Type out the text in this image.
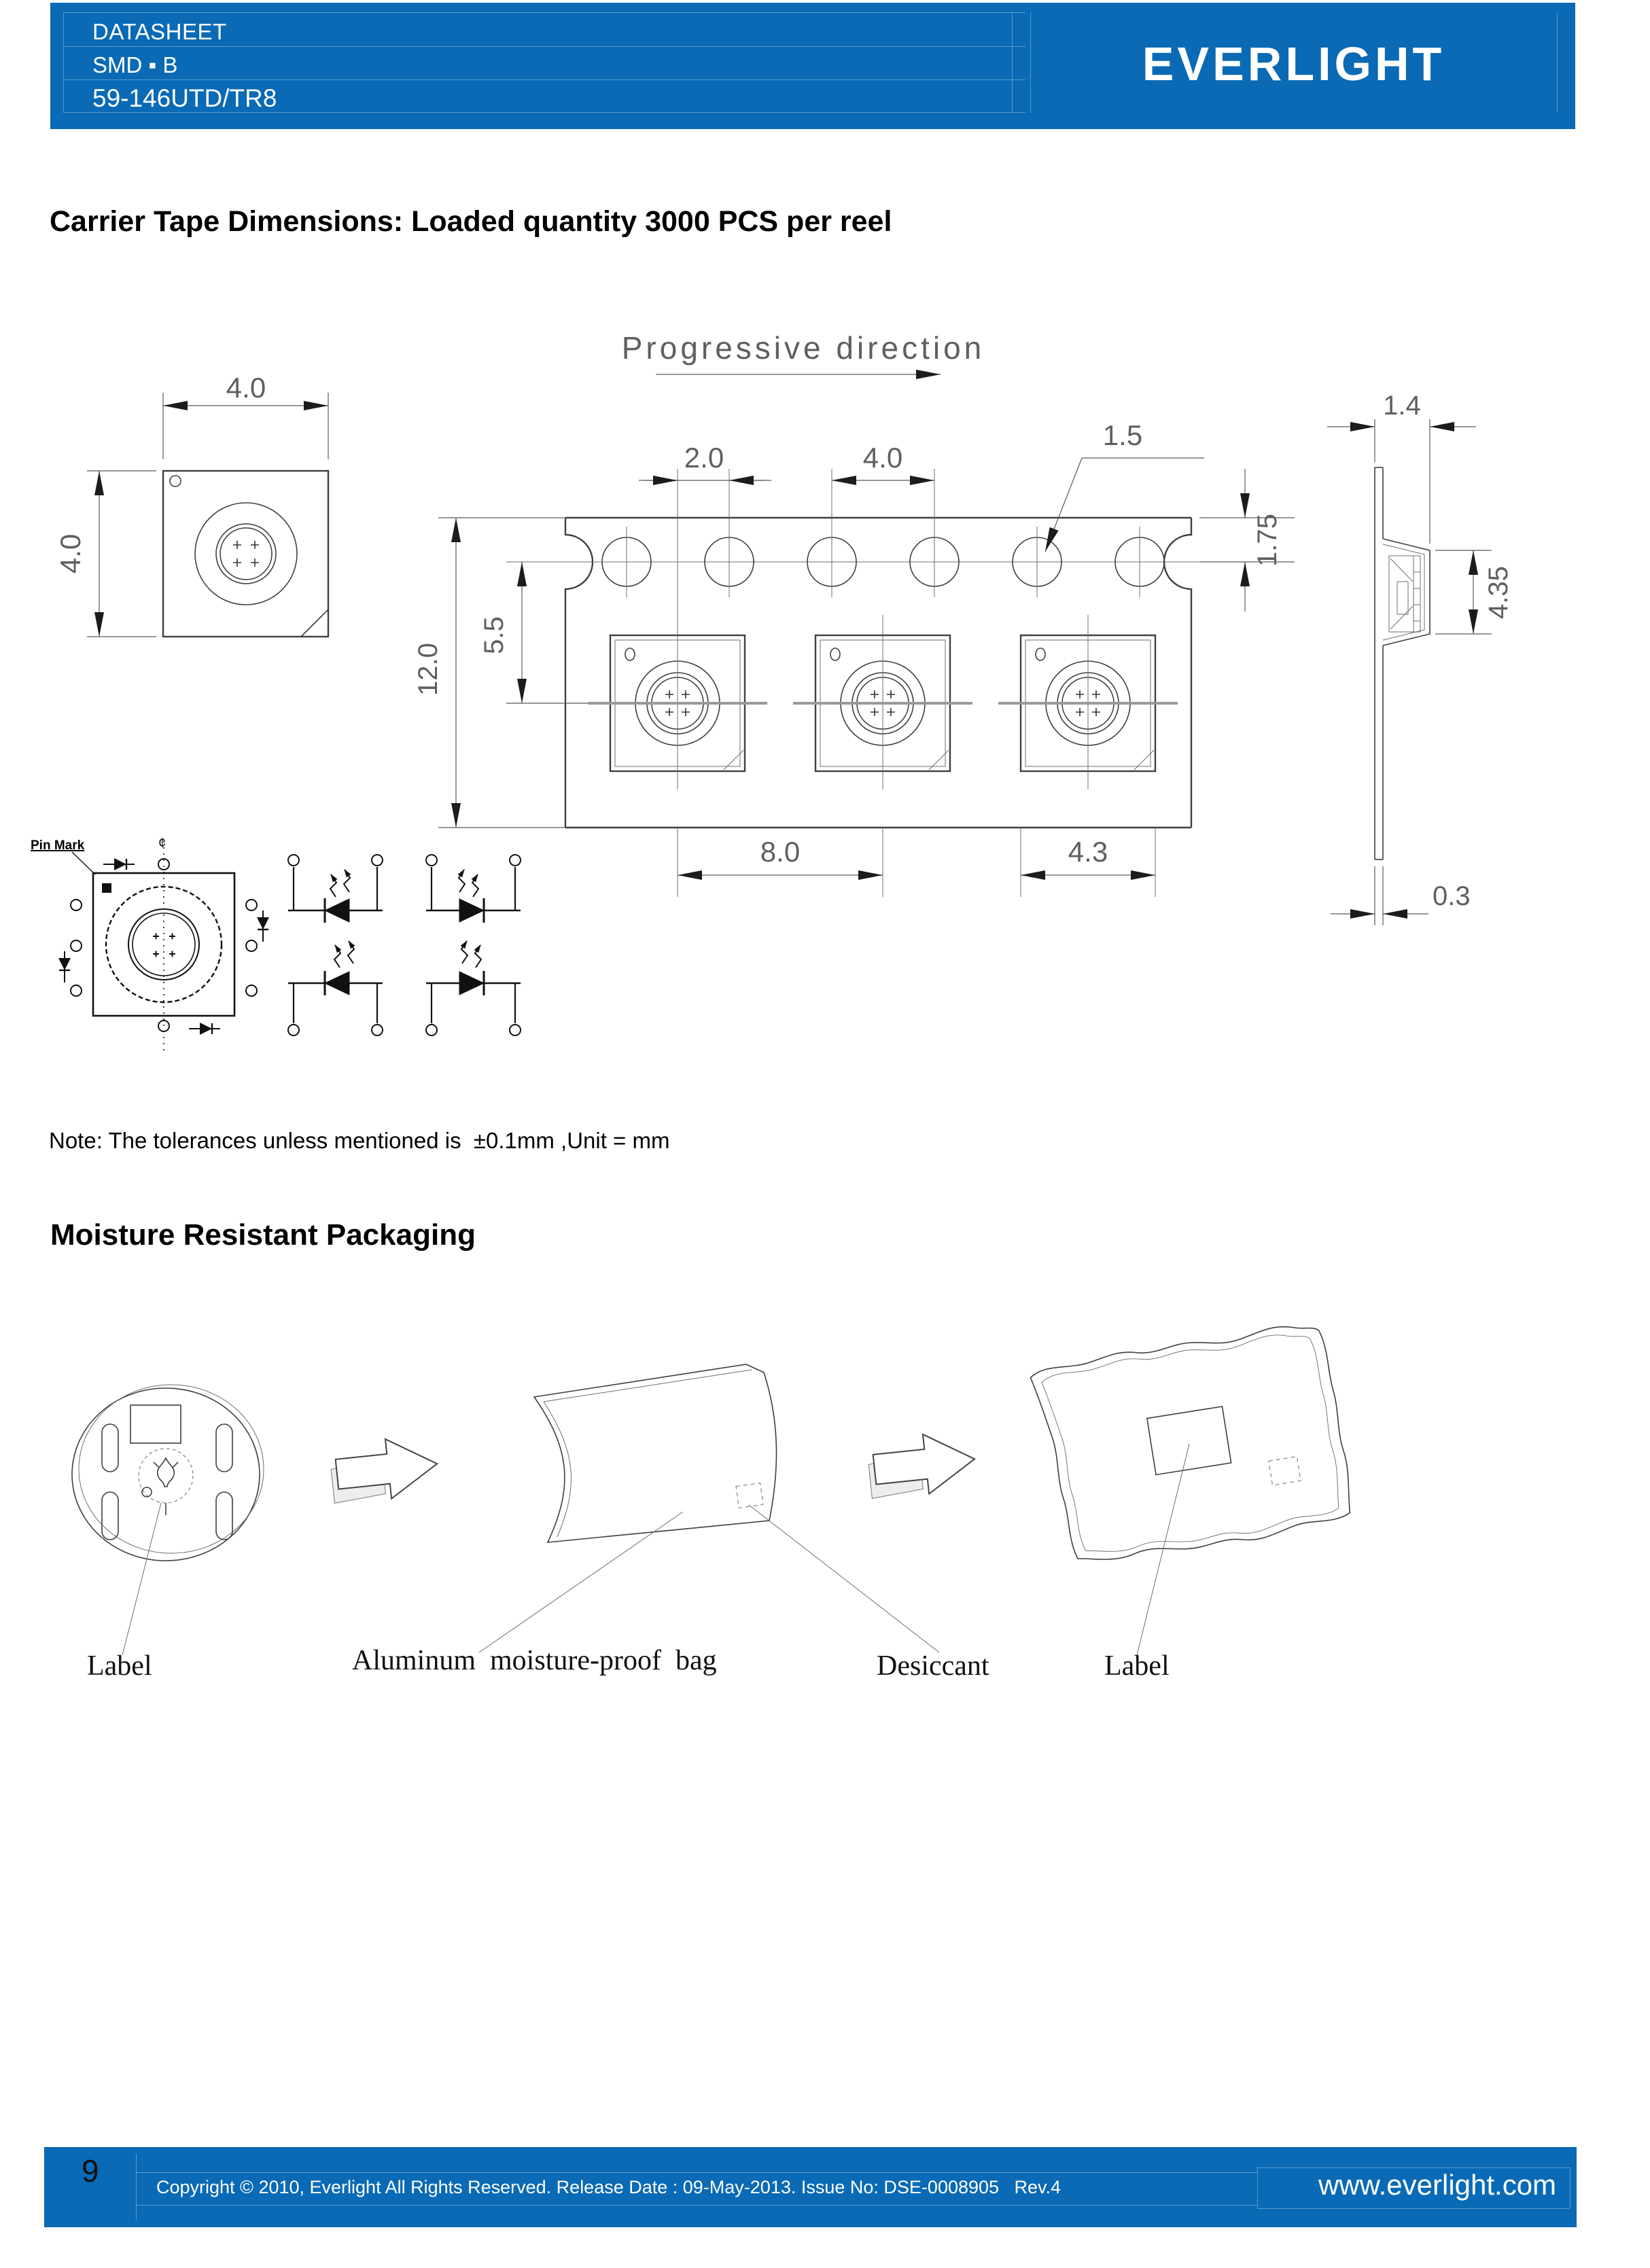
DATASHEET
SMD ▪ B
59-146UTD/TR8
EVERLIGHT
Carrier Tape Dimensions: Loaded quantity 3000 PCS per reel
Progressive direction
4.0
4.0
2.0	4.0
1.5
1.75
12.0
5.5
8.0	4.3
1.4
4.35
0.3
Pin Mark	¢
Note: The tolerances unless mentioned is  ±0.1mm ,Unit = mm
Moisture Resistant Packaging
Label	Aluminum  moisture-proof  bag	Desiccant	Label
9	Copyright © 2010, Everlight All Rights Reserved. Release Date : 09-May-2013. Issue No: DSE-0008905   Rev.4	www.everlight.com
